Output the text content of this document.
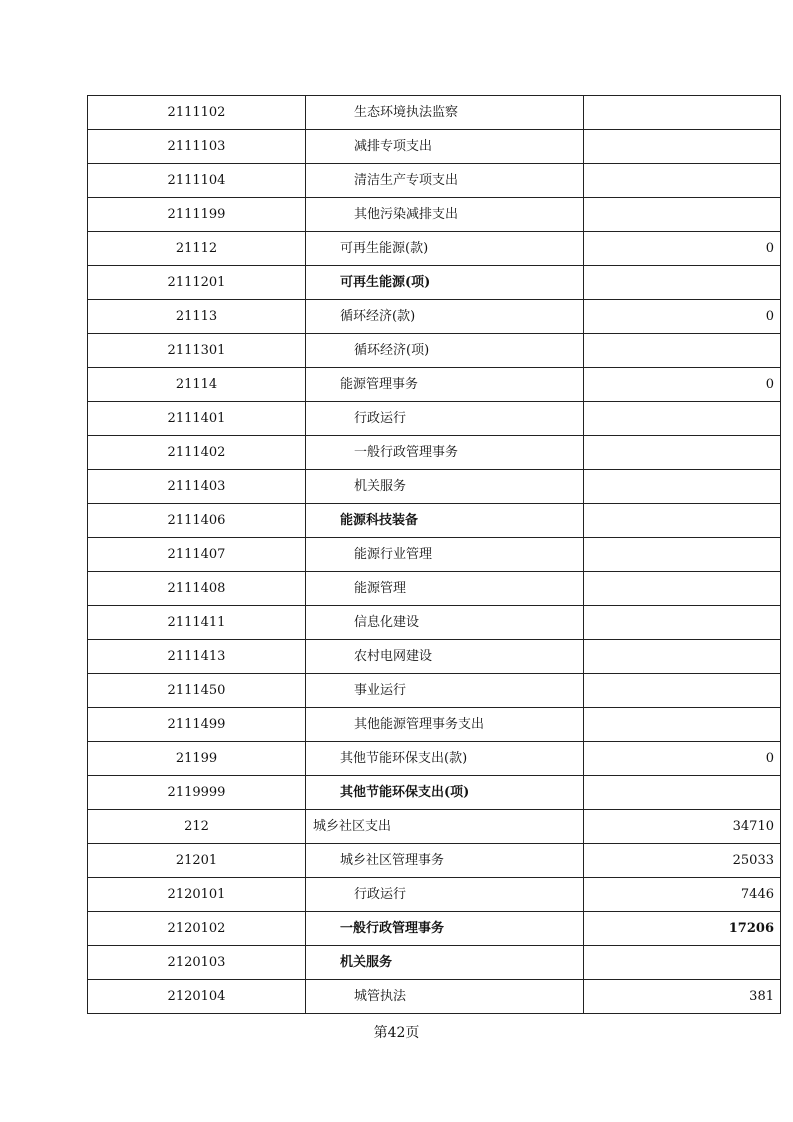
2111102	生态环境执法监察	
2111103	减排专项支出	
2111104	清洁生产专项支出	
2111199	其他污染减排支出	
21112	可再生能源(款)	0
2111201	可再生能源(项)	
21113	循环经济(款)	0
2111301	循环经济(项)	
21114	能源管理事务	0
2111401	行政运行	
2111402	一般行政管理事务	
2111403	机关服务	
2111406	能源科技装备	
2111407	能源行业管理	
2111408	能源管理	
2111411	信息化建设	
2111413	农村电网建设	
2111450	事业运行	
2111499	其他能源管理事务支出	
21199	其他节能环保支出(款)	0
2119999	其他节能环保支出(项)	
212	城乡社区支出	34710
21201	城乡社区管理事务	25033
2120101	行政运行	7446
2120102	一般行政管理事务	17206
2120103	机关服务	
2120104	城管执法	381
第42页
